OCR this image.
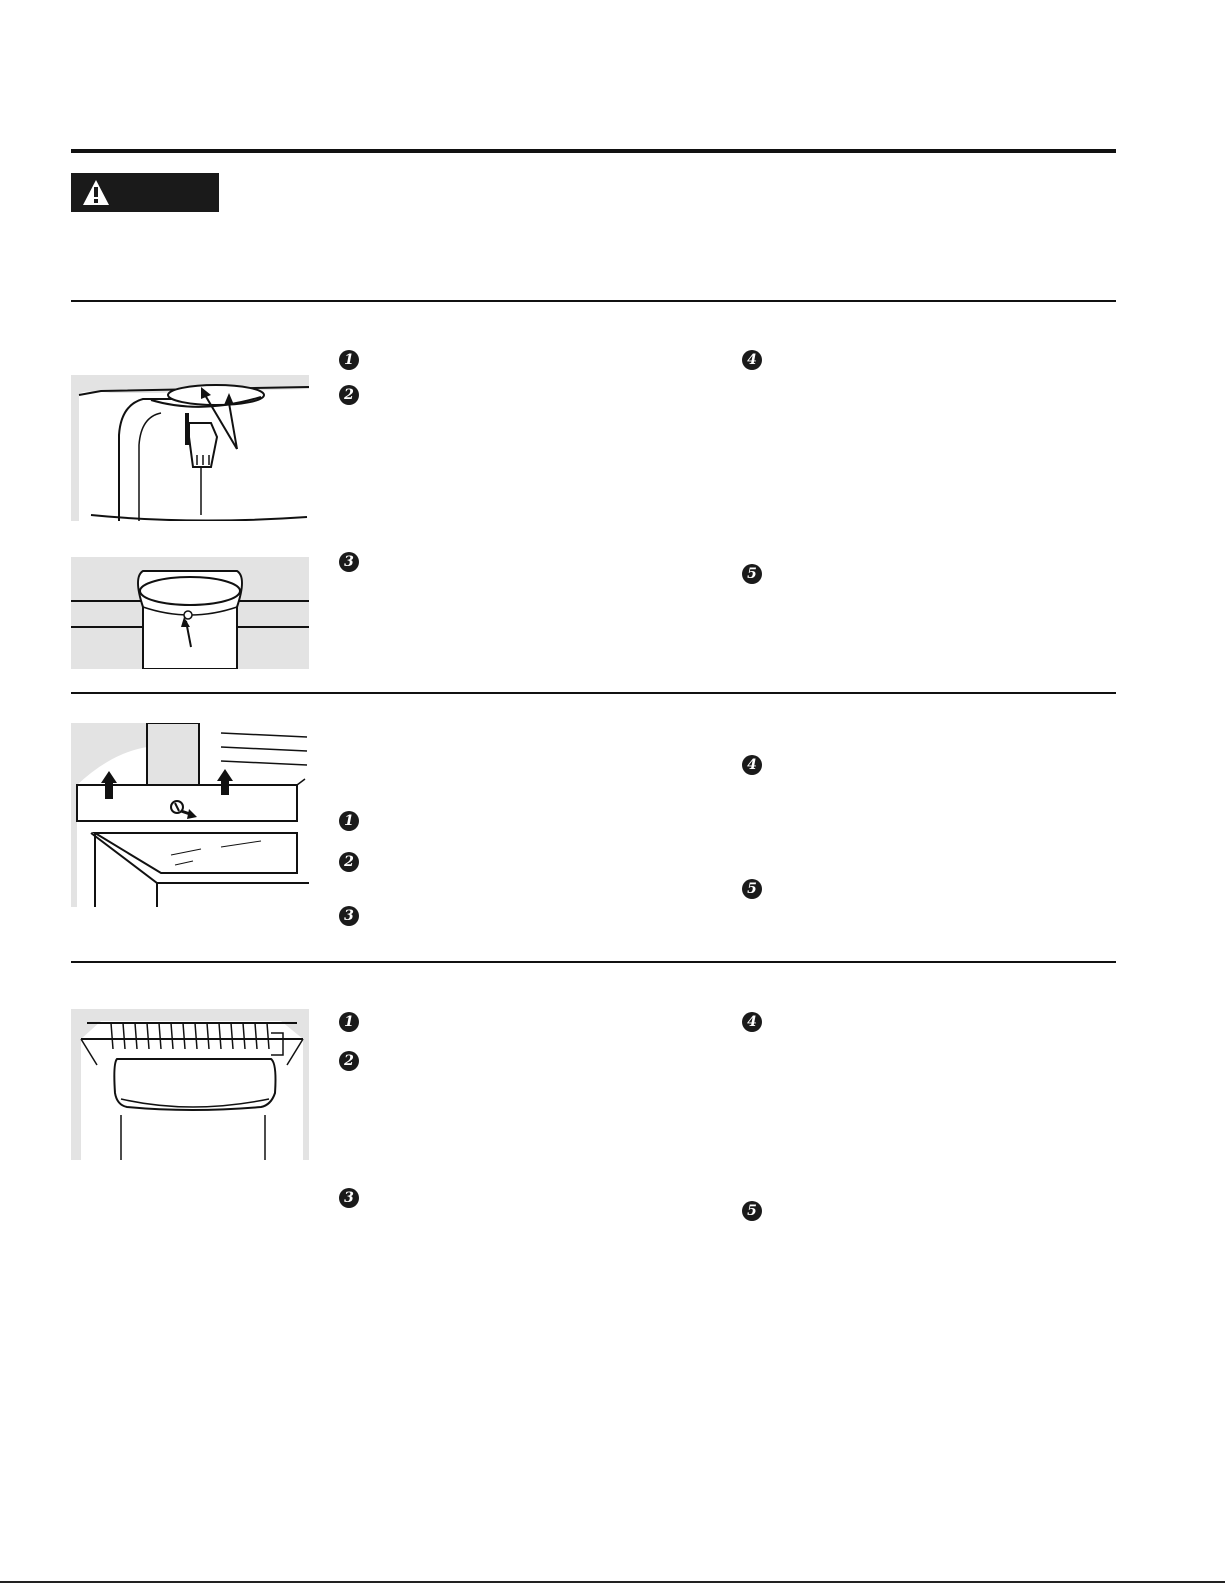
1
2
3
4
5
1
2
3
4
5
1
2
3
4
5
